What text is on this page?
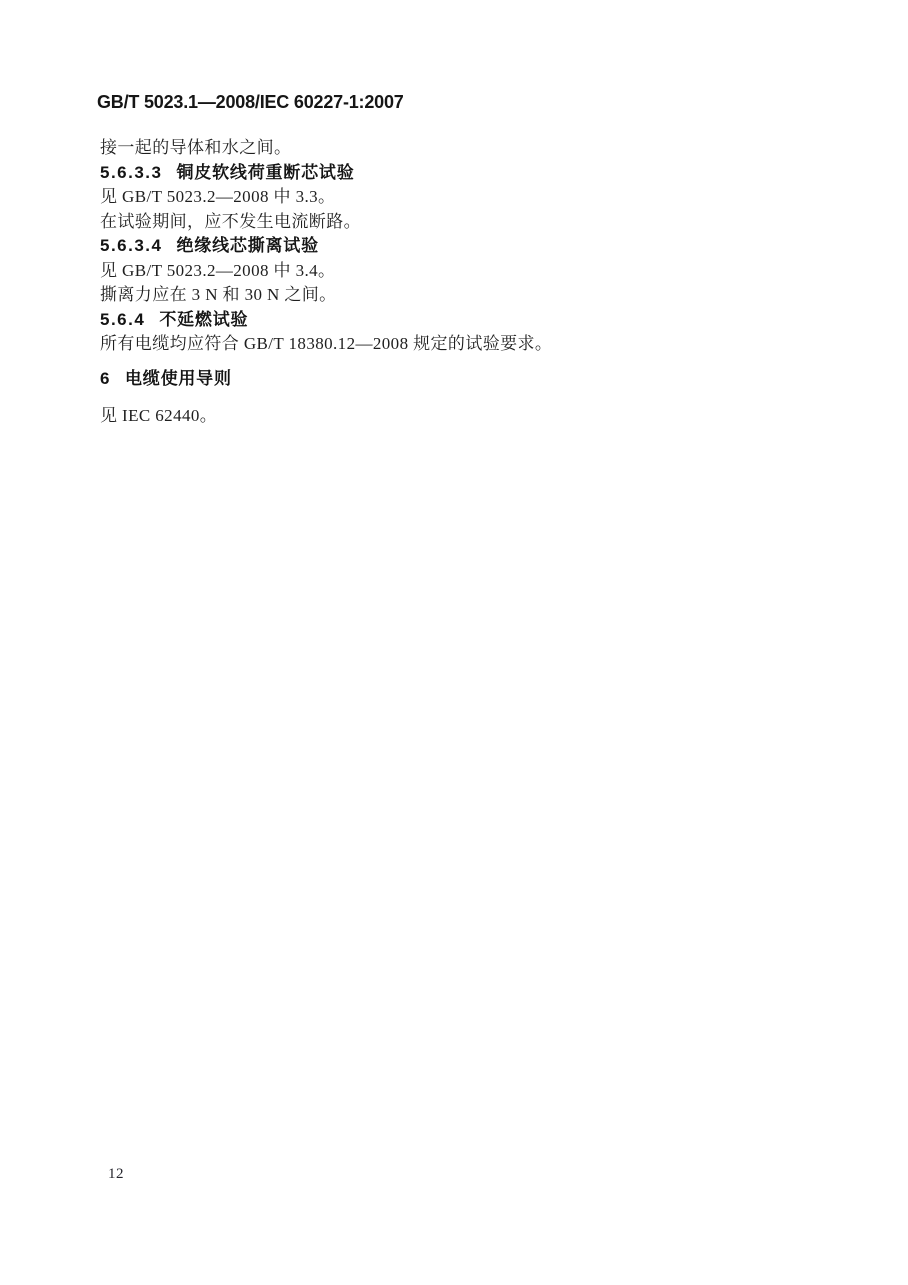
GB/T 5023.1—2008/IEC 60227-1:2007

接一起的导体和水之间。

5.6.3.3 铜皮软线荷重断芯试验

见 GB/T 5023.2—2008 中 3.3。

在试验期间，应不发生电流断路。

5.6.3.4 绝缘线芯撕离试验

见 GB/T 5023.2—2008 中 3.4。

撕离力应在 3 N 和 30 N 之间。

5.6.4 不延燃试验

所有电缆均应符合 GB/T 18380.12—2008 规定的试验要求。

6 电缆使用导则

见 IEC 62440。

12
